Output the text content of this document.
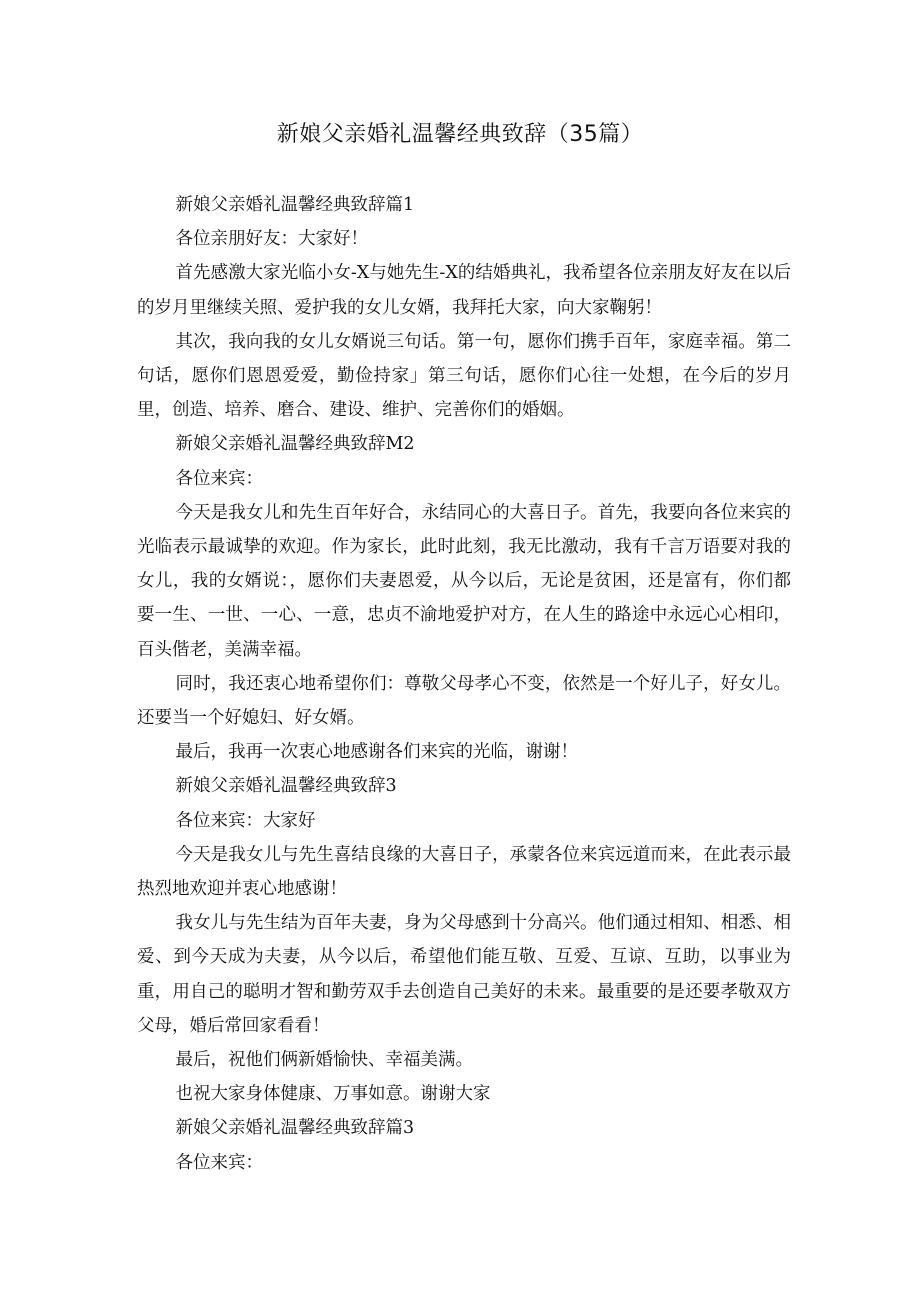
新娘父亲婚礼温馨经典致辞（35篇）

新娘父亲婚礼温馨经典致辞篇1

各位亲朋好友：大家好！

首先感激大家光临小女-X与她先生-X的结婚典礼，我希望各位亲朋友好友在以后的岁月里继续关照、爱护我的女儿女婿，我拜托大家，向大家鞠躬！

其次，我向我的女儿女婿说三句话。第一句，愿你们携手百年，家庭幸福。第二句话，愿你们恩恩爱爱，勤俭持家」第三句话，愿你们心往一处想，在今后的岁月里，创造、培养、磨合、建设、维护、完善你们的婚姻。

新娘父亲婚礼温馨经典致辞M2

各位来宾：

今天是我女儿和先生百年好合，永结同心的大喜日子。首先，我要向各位来宾的光临表示最诚挚的欢迎。作为家长，此时此刻，我无比激动，我有千言万语要对我的女儿，我的女婿说：，愿你们夫妻恩爱，从今以后，无论是贫困，还是富有，你们都要一生、一世、一心、一意，忠贞不渝地爱护对方，在人生的路途中永远心心相印，百头偕老，美满幸福。

同时，我还衷心地希望你们：尊敬父母孝心不变，依然是一个好儿子，好女儿。还要当一个好媳妇、好女婿。

最后，我再一次衷心地感谢各们来宾的光临，谢谢！

新娘父亲婚礼温馨经典致辞3

各位来宾：大家好

今天是我女儿与先生喜结良缘的大喜日子，承蒙各位来宾远道而来，在此表示最热烈地欢迎并衷心地感谢！

我女儿与先生结为百年夫妻，身为父母感到十分高兴。他们通过相知、相悉、相爱、到今天成为夫妻，从今以后，希望他们能互敬、互爱、互谅、互助，以事业为重，用自己的聪明才智和勤劳双手去创造自己美好的未来。最重要的是还要孝敬双方父母，婚后常回家看看！

最后，祝他们俩新婚愉快、幸福美满。

也祝大家身体健康、万事如意。谢谢大家

新娘父亲婚礼温馨经典致辞篇3

各位来宾：
